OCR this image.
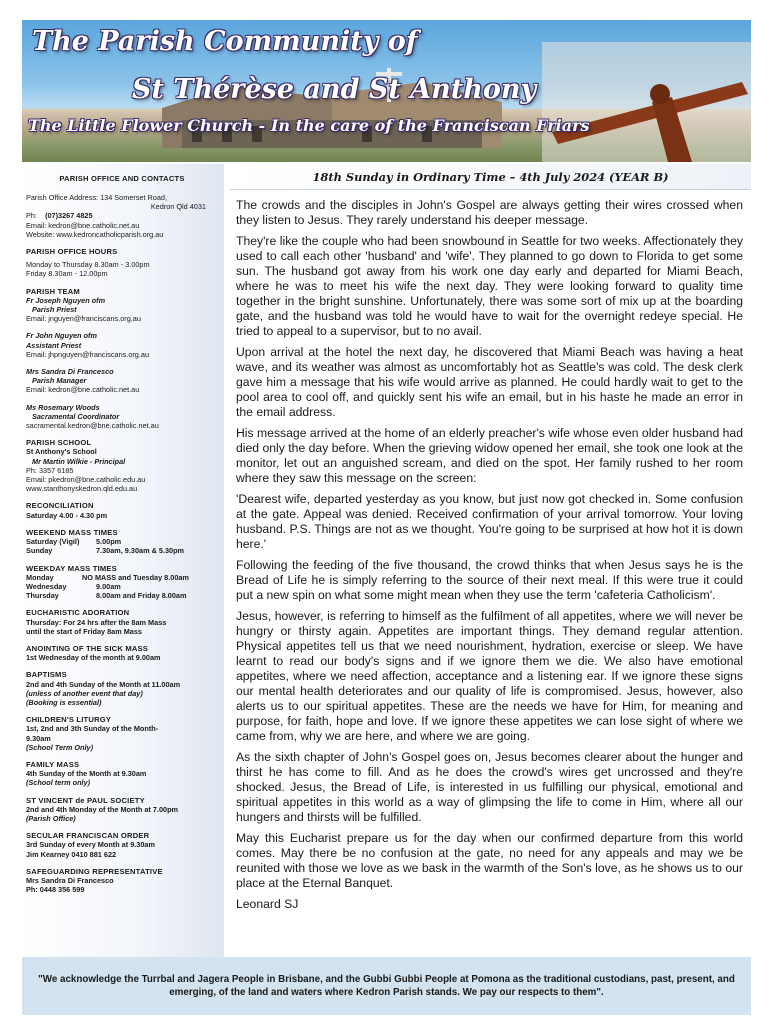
The Parish Community of
St Thérèse and St Anthony
The Little Flower Church - In the care of the Franciscan Friars
PARISH OFFICE AND CONTACTS
Parish Office Address: 134 Somerset Road,
Kedron Qld 4031
Ph: (07)3267 4825
Email: kedron@bne.catholic.net.au
Website: www.kedroncatholicparish.org.au
PARISH OFFICE HOURS
Monday to Thursday 8.30am - 3.00pm
Friday 8.30am - 12.00pm
PARISH TEAM
Fr Joseph Nguyen ofm
Parish Priest
Email: jnguyen@franciscans.org.au
Fr John Nguyen ofm
Assistant Priest
Email: jhpnguyen@franciscans.org.au
Mrs Sandra Di Francesco
Parish Manager
Email: kedron@bne.catholic.net.au
Ms Rosemary Woods
Sacramental Coordinator
sacramental.kedron@bne.catholic.net.au
PARISH SCHOOL
St Anthony's School
Mr Martin Wilkie - Principal
Ph: 3357 6185
Email: pkedron@bne.catholic.edu.au
www.stanthonyskedron.qld.edu.au
RECONCILIATION
Saturday 4.00 - 4.30 pm
WEEKEND MASS TIMES
Saturday (Vigil)	5.00pm
Sunday	7.30am, 9.30am & 5.30pm
WEEKDAY MASS TIMES
Monday	NO MASS and Tuesday 8.00am
Wednesday	9.00am
Thursday	8.00am and Friday 8.00am
EUCHARISTIC ADORATION
Thursday: For 24 hrs after the 8am Mass
until the start of Friday 8am Mass
ANOINTING OF THE SICK MASS
1st Wednesday of the month at 9.00am
BAPTISMS
2nd and 4th Sunday of the Month at 11.00am
(unless of another event that day)
(Booking is essential)
CHILDREN'S LITURGY
1st, 2nd and 3th Sunday of the Month-
9.30am
(School Term Only)
FAMILY MASS
4th Sunday of the Month at 9.30am
(School term only)
ST VINCENT de PAUL SOCIETY
2nd and 4th Monday of the Month at 7.00pm
(Parish Office)
SECULAR FRANCISCAN ORDER
3rd Sunday of every Month at 9.30am
Jim Kearney 0410 881 622
SAFEGUARDING REPRESENTATIVE
Mrs Sandra Di Francesco
Ph: 0448 356 599
18th Sunday in Ordinary Time – 4th July 2024 (YEAR B)

The crowds and the disciples in John's Gospel are always getting their wires crossed when they listen to Jesus. They rarely understand his deeper message.

They're like the couple who had been snowbound in Seattle for two weeks. Affectionately they used to call each other 'husband' and 'wife'. They planned to go down to Florida to get some sun. The husband got away from his work one day early and departed for Miami Beach, where he was to meet his wife the next day. They were looking forward to quality time together in the bright sunshine. Unfortunately, there was some sort of mix up at the boarding gate, and the husband was told he would have to wait for the overnight redeye special. He tried to appeal to a supervisor, but to no avail.

Upon arrival at the hotel the next day, he discovered that Miami Beach was having a heat wave, and its weather was almost as uncomfortably hot as Seattle's was cold. The desk clerk gave him a message that his wife would arrive as planned. He could hardly wait to get to the pool area to cool off, and quickly sent his wife an email, but in his haste he made an error in the email address.

His message arrived at the home of an elderly preacher's wife whose even older husband had died only the day before. When the grieving widow opened her email, she took one look at the monitor, let out an anguished scream, and died on the spot. Her family rushed to her room where they saw this message on the screen:

'Dearest wife, departed yesterday as you know, but just now got checked in. Some confusion at the gate. Appeal was denied. Received confirmation of your arrival tomorrow. Your loving husband. P.S. Things are not as we thought. You're going to be surprised at how hot it is down here.'

Following the feeding of the five thousand, the crowd thinks that when Jesus says he is the Bread of Life he is simply referring to the source of their next meal. If this were true it could put a new spin on what some might mean when they use the term 'cafeteria Catholicism'.

Jesus, however, is referring to himself as the fulfilment of all appetites, where we will never be hungry or thirsty again. Appetites are important things. They demand regular attention. Physical appetites tell us that we need nourishment, hydration, exercise or sleep. We have learnt to read our body's signs and if we ignore them we die. We also have emotional appetites, where we need affection, acceptance and a listening ear. If we ignore these signs our mental health deteriorates and our quality of life is compromised. Jesus, however, also alerts us to our spiritual appetites. These are the needs we have for Him, for meaning and purpose, for faith, hope and love. If we ignore these appetites we can lose sight of where we came from, why we are here, and where we are going.

As the sixth chapter of John's Gospel goes on, Jesus becomes clearer about the hunger and thirst he has come to fill. And as he does the crowd's wires get uncrossed and they're shocked. Jesus, the Bread of Life, is interested in us fulfilling our physical, emotional and spiritual appetites in this world as a way of glimpsing the life to come in Him, where all our hungers and thirsts will be fulfilled.

May this Eucharist prepare us for the day when our confirmed departure from this world comes. May there be no confusion at the gate, no need for any appeals and may we be reunited with those we love as we bask in the warmth of the Son's love, as he shows us to our place at the Eternal Banquet.

Leonard SJ

"We acknowledge the Turrbal and Jagera People in Brisbane, and the Gubbi Gubbi People at Pomona as the traditional custodians, past, present, and emerging, of the land and waters where Kedron Parish stands. We pay our respects to them".
